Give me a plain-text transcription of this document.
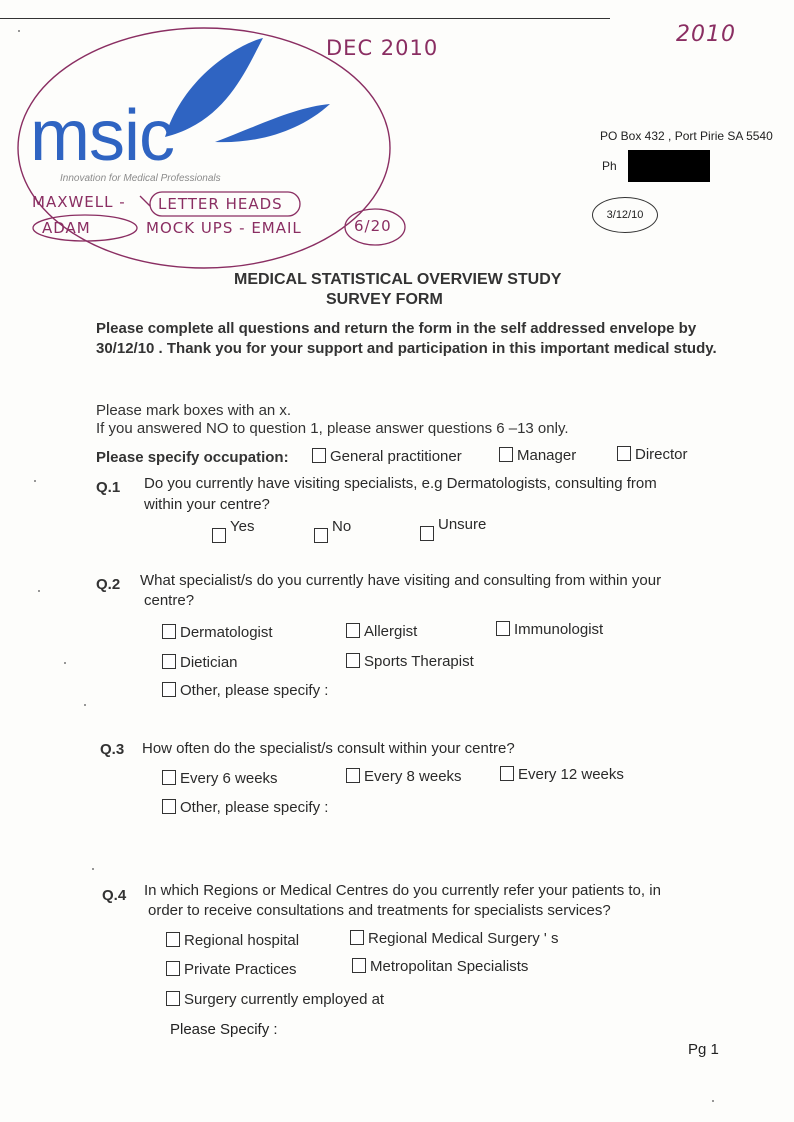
DEC 2010
2010
MAXWELL - LETTER HEADS
ADAM	MOCK UPS - EMAIL	6/20
msic
Innovation for Medical Professionals
PO Box 432 , Port Pirie SA 5540
Ph
3/12/10
MEDICAL STATISTICAL OVERVIEW STUDY
SURVEY FORM
Please complete all questions and return the form in the self addressed envelope by
30/12/10 . Thank you for your support and participation in this important medical study.
Please mark boxes with an x.
If you answered NO to question 1, please answer questions 6 –13 only.
Please specify occupation:	General practitioner	Manager	Director
Q.1 Do you currently have visiting specialists, e.g Dermatologists, consulting from
within your centre?
Yes	No	Unsure
Q.2 What specialist/s do you currently have visiting and consulting from within your
centre?
Dermatologist	Allergist	Immunologist
Dietician	Sports Therapist
Other, please specify :
Q.3 How often do the specialist/s consult within your centre?
Every 6 weeks	Every 8 weeks	Every 12 weeks
Other, please specify :
Q.4 In which Regions or Medical Centres do you currently refer your patients to, in
order to receive consultations and treatments for specialists services?
Regional hospital	Regional Medical Surgery ' s
Private Practices	Metropolitan Specialists
Surgery currently employed at
Please Specify :
Pg 1
